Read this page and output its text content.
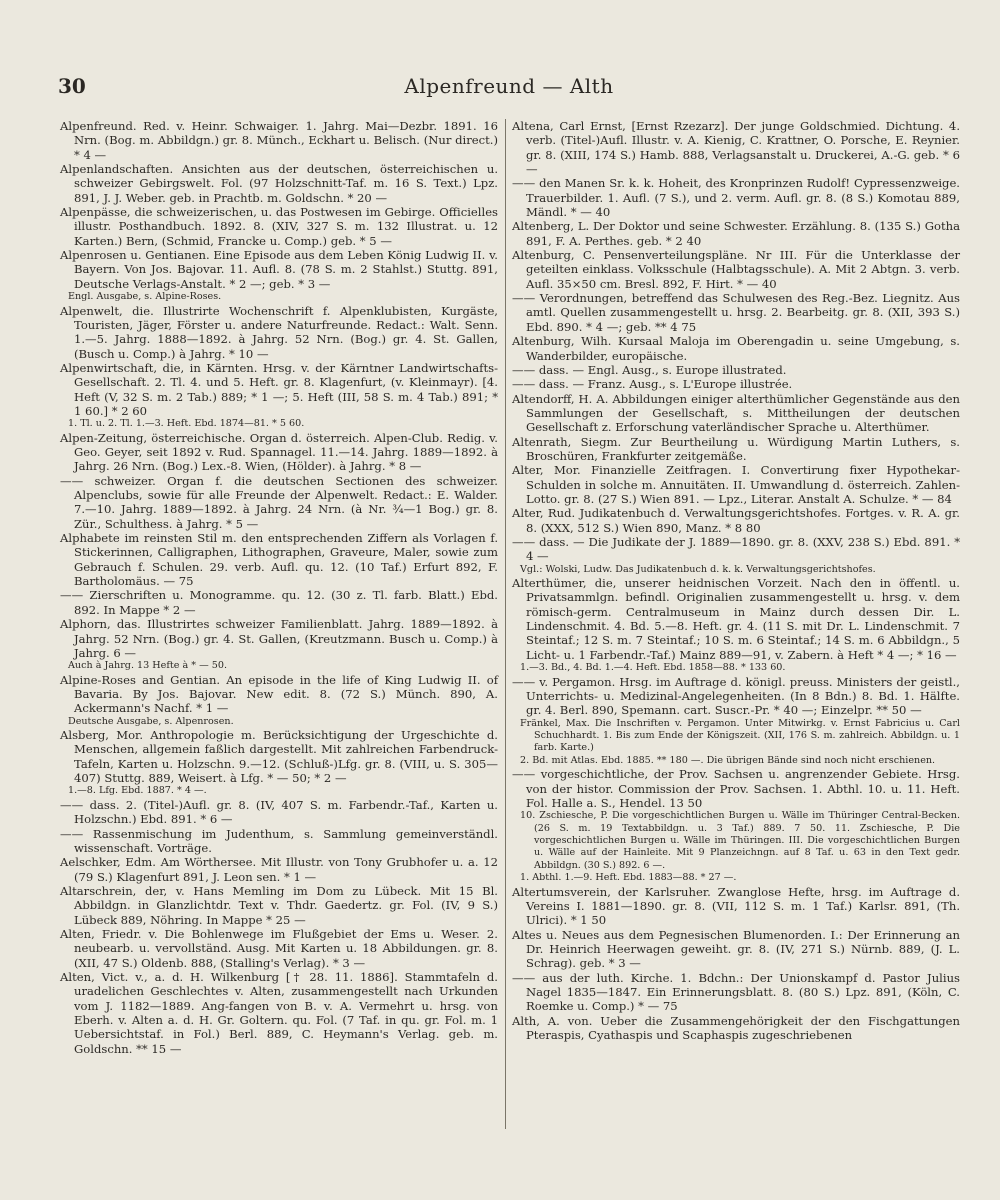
30	Alpenfreund — Alth
Alpenfreund. Red. v. Heinr. Schwaiger. 1. Jahrg. Mai—Dezbr. 1891. 16 Nrn. (Bog. m. Abbildgn.) gr. 8. Münch., Eckhart u. Belisch. (Nur direct.) * 4 —
Alpenlandschaften. Ansichten aus der deutschen, österreichischen u. schweizer Gebirgswelt. Fol. (97 Holzschnitt-Taf. m. 16 S. Text.) Lpz. 891, J. J. Weber. geb. in Prachtb. m. Goldschn. * 20 —
Alpenpässe, die schweizerischen, u. das Postwesen im Gebirge. Officielles illustr. Posthandbuch. 1892. 8. (XIV, 327 S. m. 132 Illustrat. u. 12 Karten.) Bern, (Schmid, Francke u. Comp.) geb. * 5 —
Alpenrosen u. Gentianen. Eine Episode aus dem Leben König Ludwig II. v. Bayern. Von Jos. Bajovar. 11. Aufl. 8. (78 S. m. 2 Stahlst.) Stuttg. 891, Deutsche Verlags-Anstalt. * 2 —; geb. * 3 —
Engl. Ausgabe, s. Alpine-Roses.
Alpenwelt, die. Illustrirte Wochenschrift f. Alpenklubisten, Kurgäste, Touristen, Jäger, Förster u. andere Naturfreunde. Redact.: Walt. Senn. 1.—5. Jahrg. 1888—1892. à Jahrg. 52 Nrn. (Bog.) gr. 4. St. Gallen, (Busch u. Comp.) à Jahrg. * 10 —
Alpenwirtschaft, die, in Kärnten. Hrsg. v. der Kärntner Landwirtschafts-Gesellschaft. 2. Tl. 4. und 5. Heft. gr. 8. Klagenfurt, (v. Kleinmayr). [4. Heft (V, 32 S. m. 2 Tab.) 889; * 1 —; 5. Heft (III, 58 S. m. 4 Tab.) 891; * 1 60.] * 2 60
1. Tl. u. 2. Tl. 1.—3. Heft. Ebd. 1874—81. * 5 60.
Alpen-Zeitung, österreichische. Organ d. österreich. Alpen-Club. Redig. v. Geo. Geyer, seit 1892 v. Rud. Spannagel. 11.—14. Jahrg. 1889—1892. à Jahrg. 26 Nrn. (Bog.) Lex.-8. Wien, (Hölder). à Jahrg. * 8 —
—— schweizer. Organ f. die deutschen Sectionen des schweizer. Alpenclubs, sowie für alle Freunde der Alpenwelt. Redact.: E. Walder. 7.—10. Jahrg. 1889—1892. à Jahrg. 24 Nrn. (à Nr. ¾—1 Bog.) gr. 8. Zür., Schulthess. à Jahrg. * 5 —
Alphabete im reinsten Stil m. den entsprechenden Ziffern als Vorlagen f. Stickerinnen, Calligraphen, Lithographen, Graveure, Maler, sowie zum Gebrauch f. Schulen. 29. verb. Aufl. qu. 12. (10 Taf.) Erfurt 892, F. Bartholomäus. — 75
—— Zierschriften u. Monogramme. qu. 12. (30 z. Tl. farb. Blatt.) Ebd. 892. In Mappe * 2 —
Alphorn, das. Illustrirtes schweizer Familienblatt. Jahrg. 1889—1892. à Jahrg. 52 Nrn. (Bog.) gr. 4. St. Gallen, (Kreutzmann. Busch u. Comp.) à Jahrg. 6 —
Auch à Jahrg. 13 Hefte à * — 50.
Alpine-Roses and Gentian. An episode in the life of King Ludwig II. of Bavaria. By Jos. Bajovar. New edit. 8. (72 S.) Münch. 890, A. Ackermann's Nachf. * 1 —
Deutsche Ausgabe, s. Alpenrosen.
Alsberg, Mor. Anthropologie m. Berücksichtigung der Urgeschichte d. Menschen, allgemein faßlich dargestellt. Mit zahlreichen Farbendruck-Tafeln, Karten u. Holzschn. 9.—12. (Schluß-)Lfg. gr. 8. (VIII, u. S. 305—407) Stuttg. 889, Weisert. à Lfg. * — 50; * 2 —
1.—8. Lfg. Ebd. 1887. * 4 —.
—— dass. 2. (Titel-)Aufl. gr. 8. (IV, 407 S. m. Farbendr.-Taf., Karten u. Holzschn.) Ebd. 891. * 6 —
—— Rassenmischung im Judenthum, s. Sammlung gemeinverständl. wissenschaft. Vorträge.
Aelschker, Edm. Am Wörthersee. Mit Illustr. von Tony Grubhofer u. a. 12 (79 S.) Klagenfurt 891, J. Leon sen. * 1 —
Altarschrein, der, v. Hans Memling im Dom zu Lübeck. Mit 15 Bl. Abbildgn. in Glanzlichtdr. Text v. Thdr. Gaedertz. gr. Fol. (IV, 9 S.) Lübeck 889, Nöhring. In Mappe * 25 —
Alten, Friedr. v. Die Bohlenwege im Flußgebiet der Ems u. Weser. 2. neubearb. u. vervollständ. Ausg. Mit Karten u. 18 Abbildungen. gr. 8. (XII, 47 S.) Oldenb. 888, (Stalling's Verlag). * 3 —
Alten, Vict. v., a. d. H. Wilkenburg [† 28. 11. 1886]. Stammtafeln d. uradelichen Geschlechtes v. Alten, zusammengestellt nach Urkunden vom J. 1182—1889. Ang-fangen von B. v. A. Vermehrt u. hrsg. von Eberh. v. Alten a. d. H. Gr. Goltern. qu. Fol. (7 Taf. in qu. gr. Fol. m. 1 Uebersichtstaf. in Fol.) Berl. 889, C. Heymann's Verlag. geb. m. Goldschn. ** 15 —
Altena, Carl Ernst, [Ernst Rzezarz]. Der junge Goldschmied. Dichtung. 4. verb. (Titel-)Aufl. Illustr. v. A. Kienig, C. Krattner, O. Porsche, E. Reynier. gr. 8. (XIII, 174 S.) Hamb. 888, Verlagsanstalt u. Druckerei, A.-G. geb. * 6 —
—— den Manen Sr. k. k. Hoheit, des Kronprinzen Rudolf! Cypressenzweige. Trauerbilder. 1. Aufl. (7 S.), und 2. verm. Aufl. gr. 8. (8 S.) Komotau 889, Mändl. * — 40
Altenberg, L. Der Doktor und seine Schwester. Erzählung. 8. (135 S.) Gotha 891, F. A. Perthes. geb. * 2 40
Altenburg, C. Pensenverteilungspläne. Nr III. Für die Unterklasse der geteilten einklass. Volksschule (Halbtagsschule). A. Mit 2 Abtgn. 3. verb. Aufl. 35×50 cm. Bresl. 892, F. Hirt. * — 40
—— Verordnungen, betreffend das Schulwesen des Reg.-Bez. Liegnitz. Aus amtl. Quellen zusammengestellt u. hrsg. 2. Bearbeitg. gr. 8. (XII, 393 S.) Ebd. 890. * 4 —; geb. ** 4 75
Altenburg, Wilh. Kursaal Maloja im Oberengadin u. seine Umgebung, s. Wanderbilder, europäische.
—— dass. — Engl. Ausg., s. Europe illustrated.
—— dass. — Franz. Ausg., s. L'Europe illustrée.
Altendorff, H. A. Abbildungen einiger alterthümlicher Gegenstände aus den Sammlungen der Gesellschaft, s. Mittheilungen der deutschen Gesellschaft z. Erforschung vaterländischer Sprache u. Alterthümer.
Altenrath, Siegm. Zur Beurtheilung u. Würdigung Martin Luthers, s. Broschüren, Frankfurter zeitgemäße.
Alter, Mor. Finanzielle Zeitfragen. I. Convertirung fixer Hypothekar-Schulden in solche m. Annuitäten. II. Umwandlung d. österreich. Zahlen-Lotto. gr. 8. (27 S.) Wien 891. — Lpz., Literar. Anstalt A. Schulze. * — 84
Alter, Rud. Judikatenbuch d. Verwaltungsgerichtshofes. Fortges. v. R. A. gr. 8. (XXX, 512 S.) Wien 890, Manz. * 8 80
—— dass. — Die Judikate der J. 1889—1890. gr. 8. (XXV, 238 S.) Ebd. 891. * 4 —
Vgl.: Wolski, Ludw. Das Judikatenbuch d. k. k. Verwaltungsgerichtshofes.
Alterthümer, die, unserer heidnischen Vorzeit. Nach den in öffentl. u. Privatsammlgn. befindl. Originalien zusammengestellt u. hrsg. v. dem römisch-germ. Centralmuseum in Mainz durch dessen Dir. L. Lindenschmit. 4. Bd. 5.—8. Heft. gr. 4. (11 S. mit Dr. L. Lindenschmit. 7 Steintaf.; 12 S. m. 7 Steintaf.; 10 S. m. 6 Steintaf.; 14 S. m. 6 Abbildgn., 5 Licht- u. 1 Farbendr.-Taf.) Mainz 889—91, v. Zabern. à Heft * 4 —; * 16 —
1.—3. Bd., 4. Bd. 1.—4. Heft. Ebd. 1858—88. * 133 60.
—— v. Pergamon. Hrsg. im Auftrage d. königl. preuss. Ministers der geistl., Unterrichts- u. Medizinal-Angelegenheiten. (In 8 Bdn.) 8. Bd. 1. Hälfte. gr. 4. Berl. 890, Spemann. cart. Suscr.-Pr. * 40 —; Einzelpr. ** 50 —
Fränkel, Max. Die Inschriften v. Pergamon. Unter Mitwirkg. v. Ernst Fabricius u. Carl Schuchhardt. 1. Bis zum Ende der Königszeit. (XII, 176 S. m. zahlreich. Abbildgn. u. 1 farb. Karte.)
2. Bd. mit Atlas. Ebd. 1885. ** 180 —. Die übrigen Bände sind noch nicht erschienen.
—— vorgeschichtliche, der Prov. Sachsen u. angrenzender Gebiete. Hrsg. von der histor. Commission der Prov. Sachsen. 1. Abthl. 10. u. 11. Heft. Fol. Halle a. S., Hendel. 13 50
10. Zschiesche, P. Die vorgeschichtlichen Burgen u. Wälle im Thüringer Central-Becken. (26 S. m. 19 Textabbildgn. u. 3 Taf.) 889. 7 50. 11. Zschiesche, P. Die vorgeschichtlichen Burgen u. Wälle im Thüringen. III. Die vorgeschichtlichen Burgen u. Wälle auf der Hainleite. Mit 9 Planzeichngn. auf 8 Taf. u. 63 in den Text gedr. Abbildgn. (30 S.) 892. 6 —.
1. Abthl. 1.—9. Heft. Ebd. 1883—88. * 27 —.
Altertumsverein, der Karlsruher. Zwanglose Hefte, hrsg. im Auftrage d. Vereins I. 1881—1890. gr. 8. (VII, 112 S. m. 1 Taf.) Karlsr. 891, (Th. Ulrici). * 1 50
Altes u. Neues aus dem Pegnesischen Blumenorden. I.: Der Erinnerung an Dr. Heinrich Heerwagen geweiht. gr. 8. (IV, 271 S.) Nürnb. 889, (J. L. Schrag). geb. * 3 —
—— aus der luth. Kirche. 1. Bdchn.: Der Unionskampf d. Pastor Julius Nagel 1835—1847. Ein Erinnerungsblatt. 8. (80 S.) Lpz. 891, (Köln, C. Roemke u. Comp.) * — 75
Alth, A. von. Ueber die Zusammengehörigkeit der den Fischgattungen Pteraspis, Cyathaspis und Scaphaspis zugeschriebenen
